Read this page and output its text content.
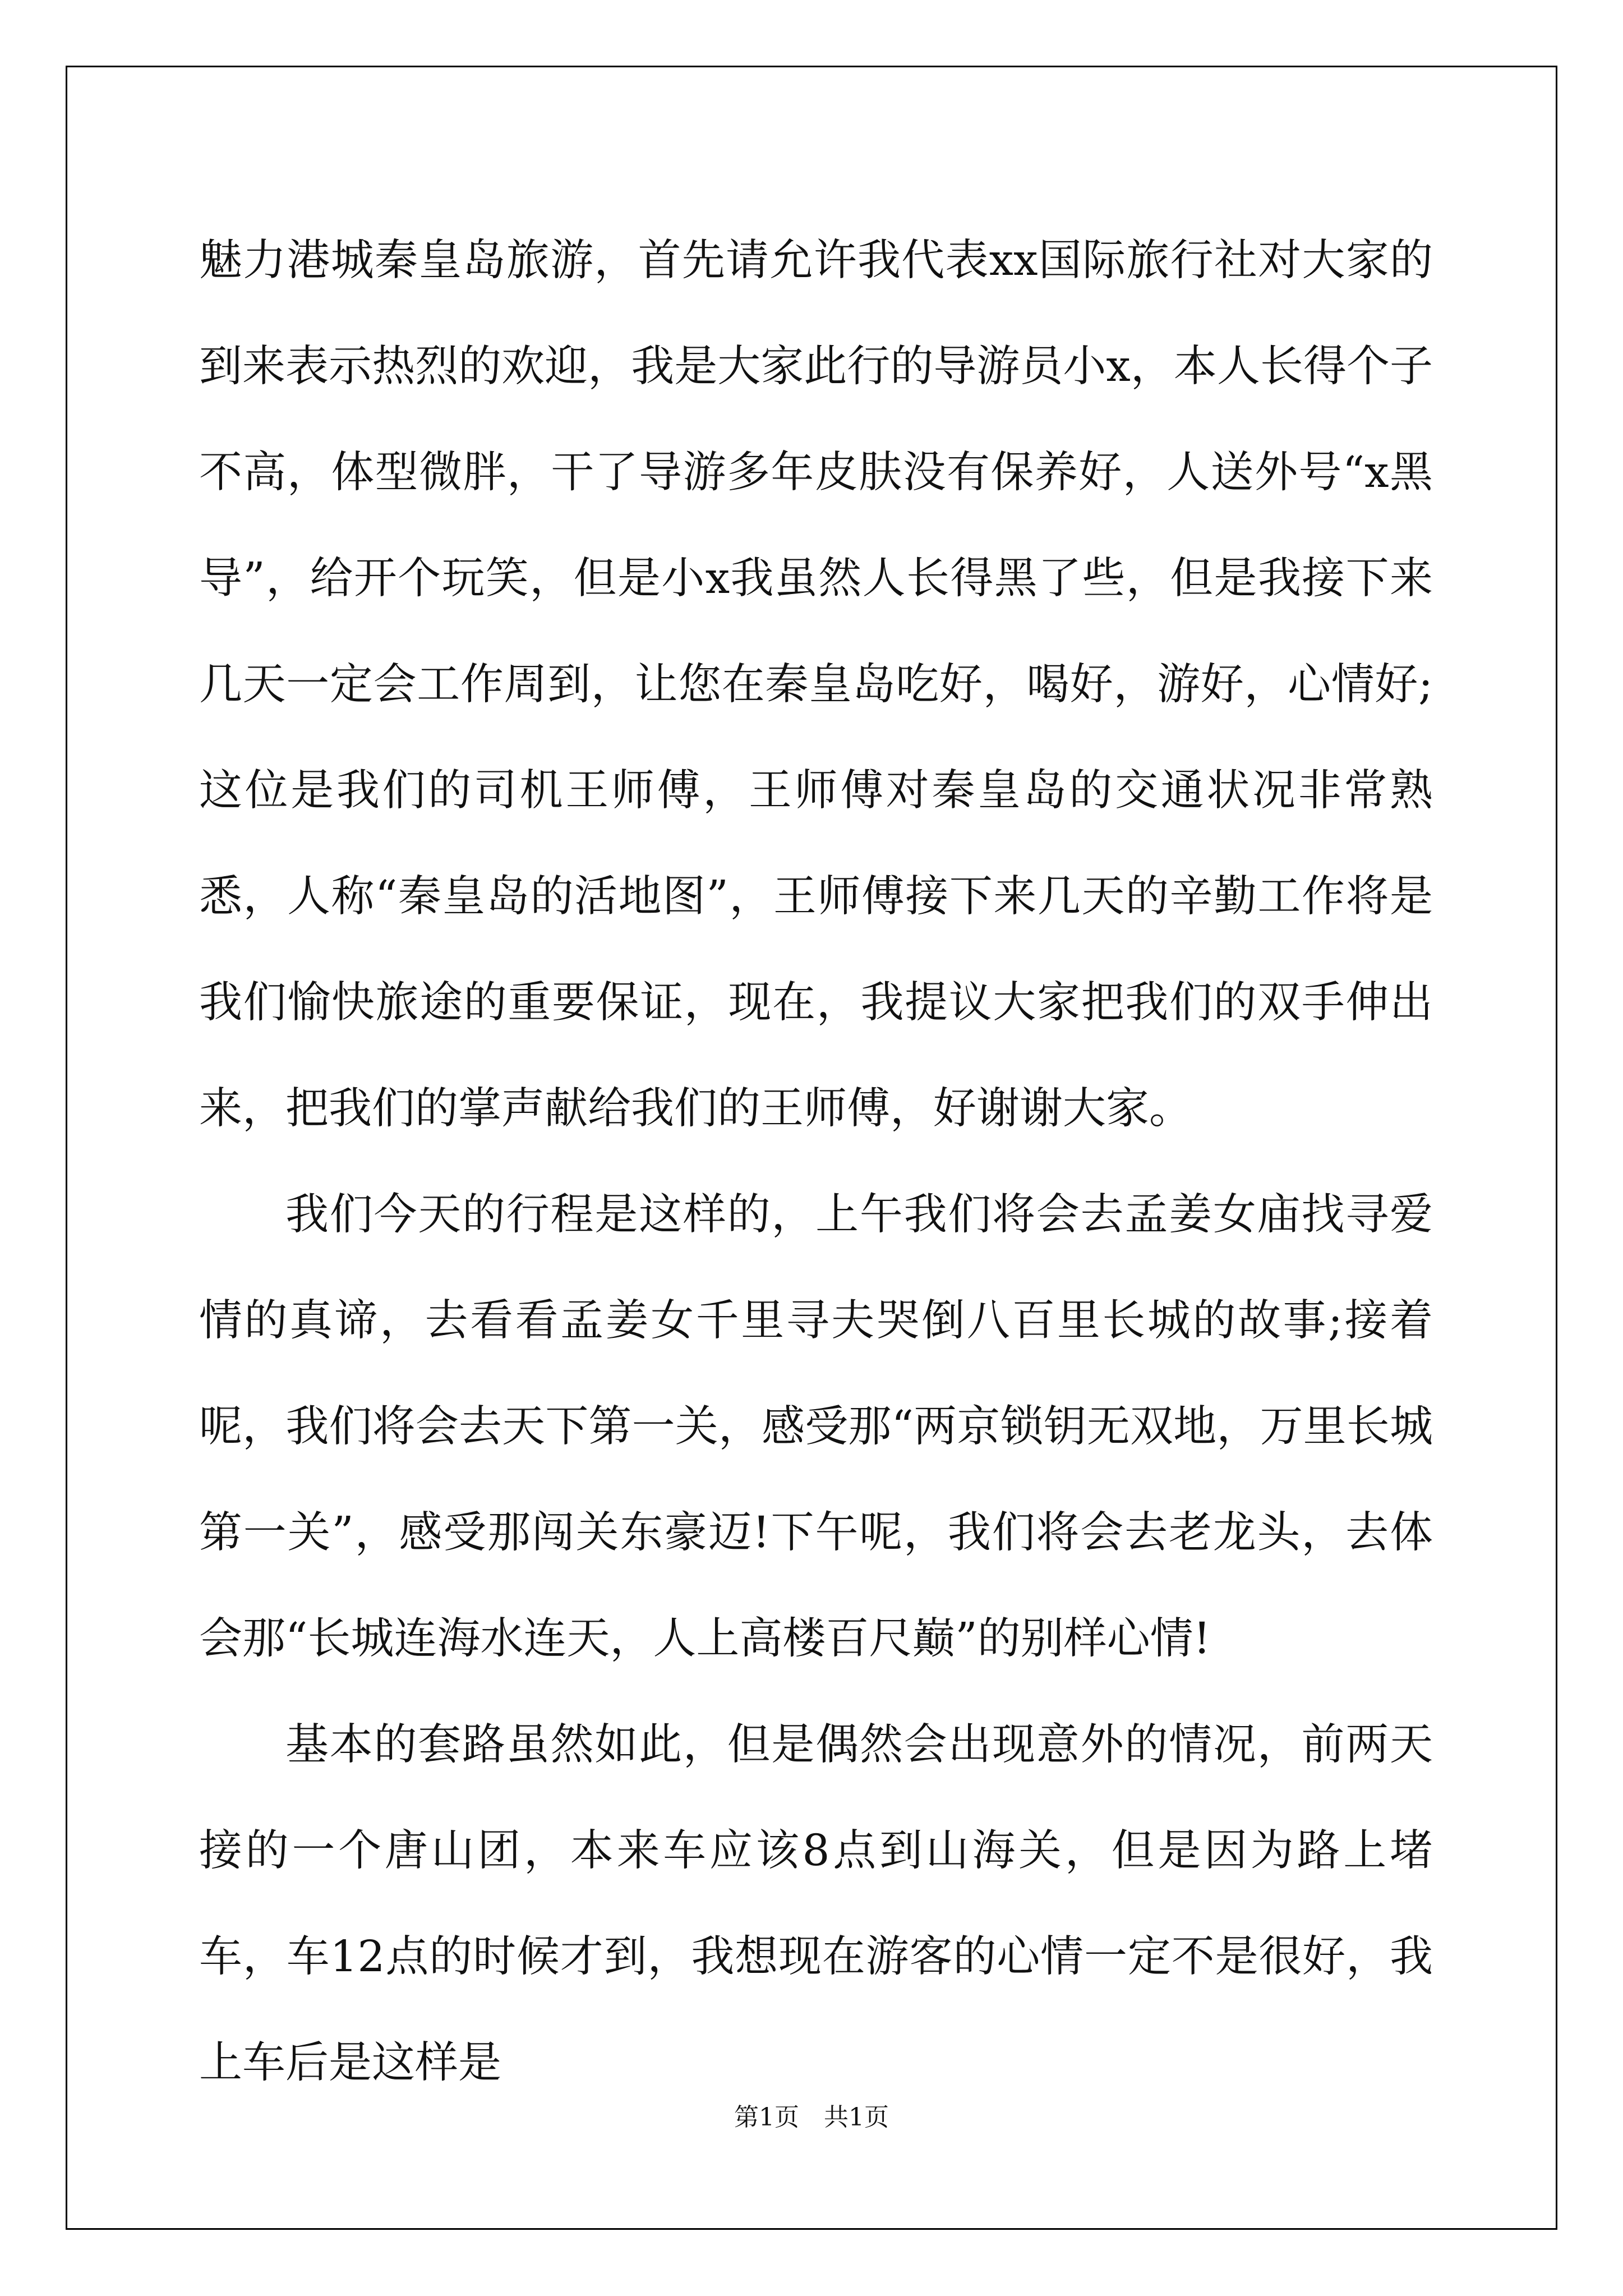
魅力港城秦皇岛旅游，首先请允许我代表xx国际旅行社对大家的到来表示热烈的欢迎，我是大家此行的导游员小x，本人长得个子不高，体型微胖，干了导游多年皮肤没有保养好，人送外号“x黑导”，给开个玩笑，但是小x我虽然人长得黑了些，但是我接下来几天一定会工作周到，让您在秦皇岛吃好，喝好，游好，心情好;这位是我们的司机王师傅，王师傅对秦皇岛的交通状况非常熟悉，人称“秦皇岛的活地图”，王师傅接下来几天的辛勤工作将是我们愉快旅途的重要保证，现在，我提议大家把我们的双手伸出来，把我们的掌声献给我们的王师傅，好谢谢大家。

我们今天的行程是这样的，上午我们将会去孟姜女庙找寻爱情的真谛，去看看孟姜女千里寻夫哭倒八百里长城的故事;接着呢，我们将会去天下第一关，感受那“两京锁钥无双地，万里长城第一关”，感受那闯关东豪迈!下午呢，我们将会去老龙头，去体会那“长城连海水连天，人上高楼百尺巅”的别样心情!

基本的套路虽然如此，但是偶然会出现意外的情况，前两天接的一个唐山团，本来车应该8点到山海关，但是因为路上堵车，车12点的时候才到，我想现在游客的心情一定不是很好，我上车后是这样是

第1页 共1页
